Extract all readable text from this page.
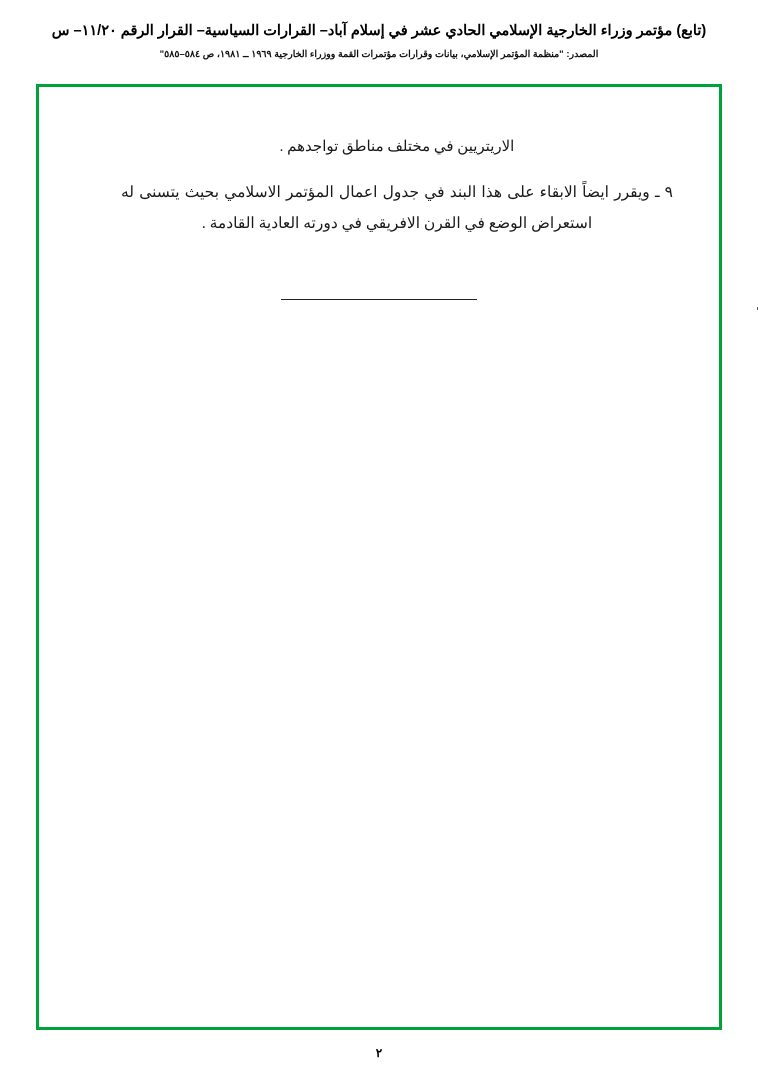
(تابع) مؤتمر وزراء الخارجية الإسلامي الحادي عشر في إسلام آباد– القرارات السياسية– القرار الرقم ١١/٢٠– س
المصدر: "منظمة المؤتمر الإسلامي، بيانات وقرارات مؤتمرات القمة ووزراء الخارجية ١٩٦٩ ــ ١٩٨١، ص ٥٨٤–٥٨٥"

الاريتريين في مختلف مناطق تواجدهم .

٩ ـ ويقرر ايضاً الابقاء على هذا البند في جدول اعمال المؤتمر الاسلامي بحيث يتسنى له استعراض الوضع في القرن الافريقي في دورته العادية القادمة .

٢
